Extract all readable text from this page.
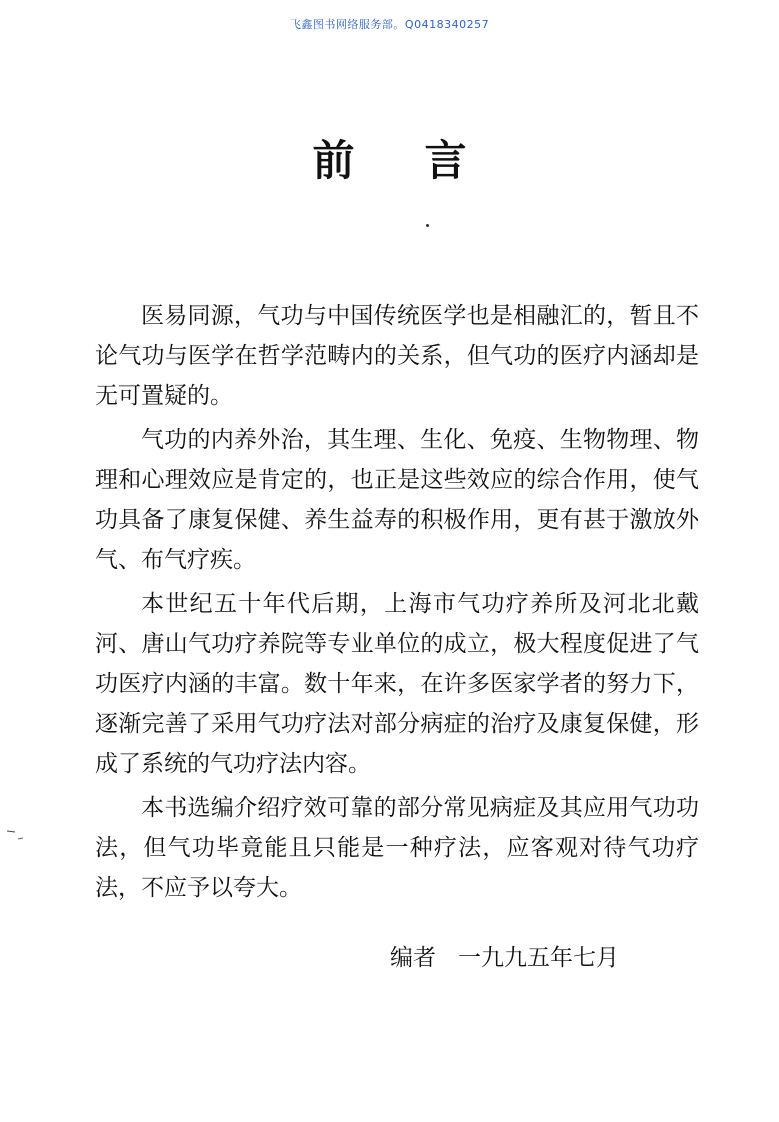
飞鑫图书网络服务部。Q0418340257
前言

医易同源，气功与中国传统医学也是相融汇的，暂且不论气功与医学在哲学范畴内的关系，但气功的医疗内涵却是无可置疑的。

气功的内养外治，其生理、生化、免疫、生物物理、物理和心理效应是肯定的，也正是这些效应的综合作用，使气功具备了康复保健、养生益寿的积极作用，更有甚于激放外气、布气疗疾。

本世纪五十年代后期，上海市气功疗养所及河北北戴河、唐山气功疗养院等专业单位的成立，极大程度促进了气功医疗内涵的丰富。数十年来，在许多医家学者的努力下，逐渐完善了采用气功疗法对部分病症的治疗及康复保健，形成了系统的气功疗法内容。

本书选编介绍疗效可靠的部分常见病症及其应用气功功法，但气功毕竟能且只能是一种疗法，应客观对待气功疗法，不应予以夸大。

编者 一九九五年七月
